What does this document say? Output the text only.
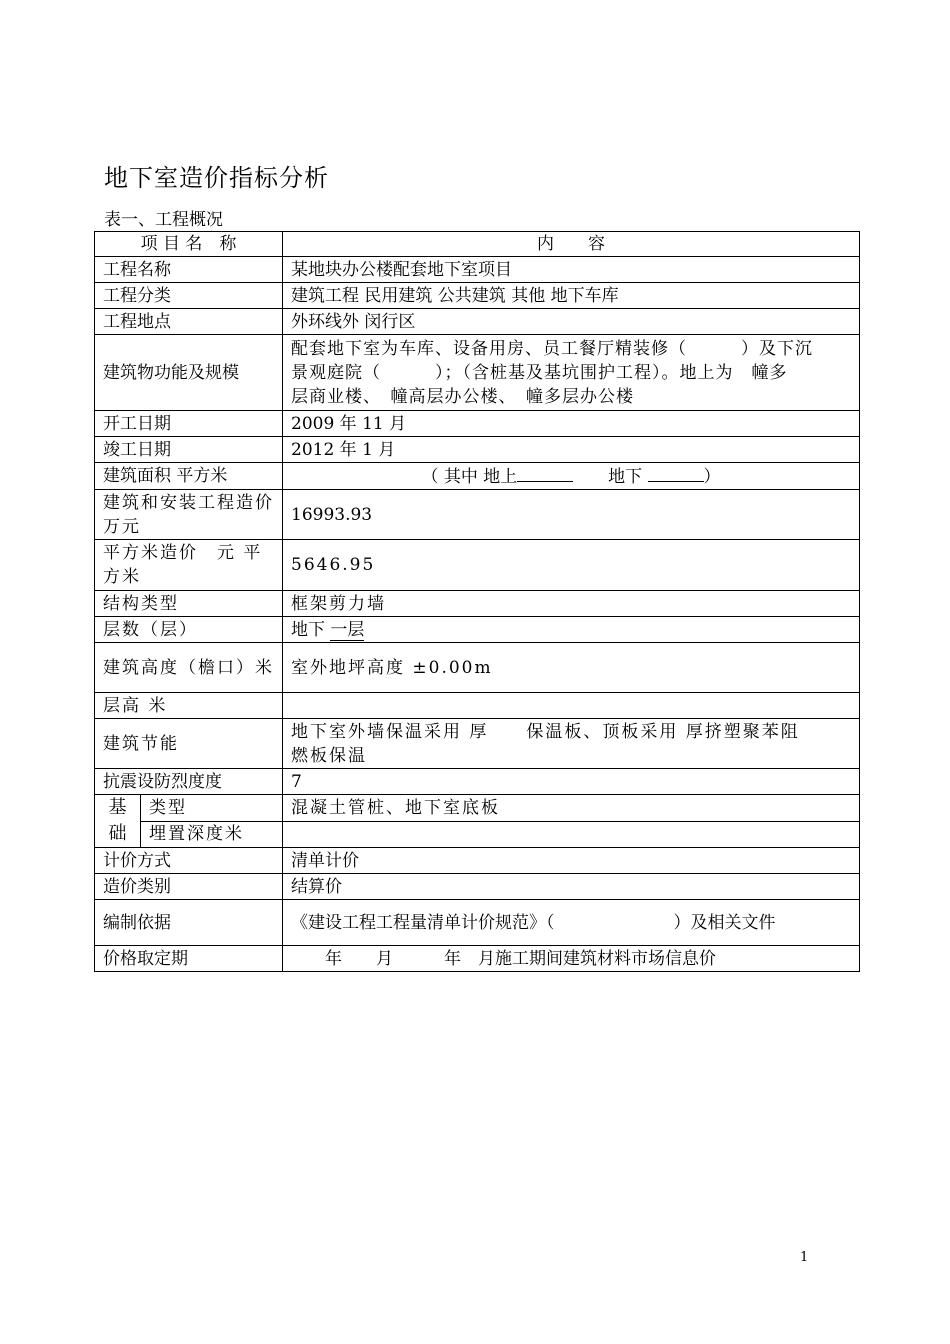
地下室造价指标分析
表一、工程概况
项 目 名　称		内　　容
工程名称		某地块办公楼配套地下室项目
工程分类		建筑工程 民用建筑 公共建筑 其他 地下车库
工程地点		外环线外 闵行区
建筑物功能及规模		配套地下室为车库、设备用房、员工餐厅精装修（　　　）及下沉
景观庭院（　　　）；（含桩基及基坑围护工程）。地上为　幢多
层商业楼、　幢高层办公楼、　幢多层办公楼

开工日期		2009 年 11 月
竣工日期		2012 年 1 月
建筑面积 平方米		（ 其中 地上 地下 ）
建筑和安装工程造价 万元		16993.93
平方米造价　元 平方米		5646.95
结构类型		框架剪力墙
层数（层）		地下 一层
建筑高度（檐口）米		室外地坪高度 ±0.00m
层高 米		
建筑节能		地下室外墙保温采用 厚　　保温板、顶板采用 厚挤塑聚苯阻
燃板保温

抗震设防烈度度		7
基础	类型	混凝土管桩、地下室底板
	埋置深度米	
计价方式		清单计价
造价类别		结算价
编制依据		《建设工程工程量清单计价规范》（　　　　　　　）及相关文件
价格取定期		　　年　　月　　　年　月施工期间建筑材料市场信息价
1
